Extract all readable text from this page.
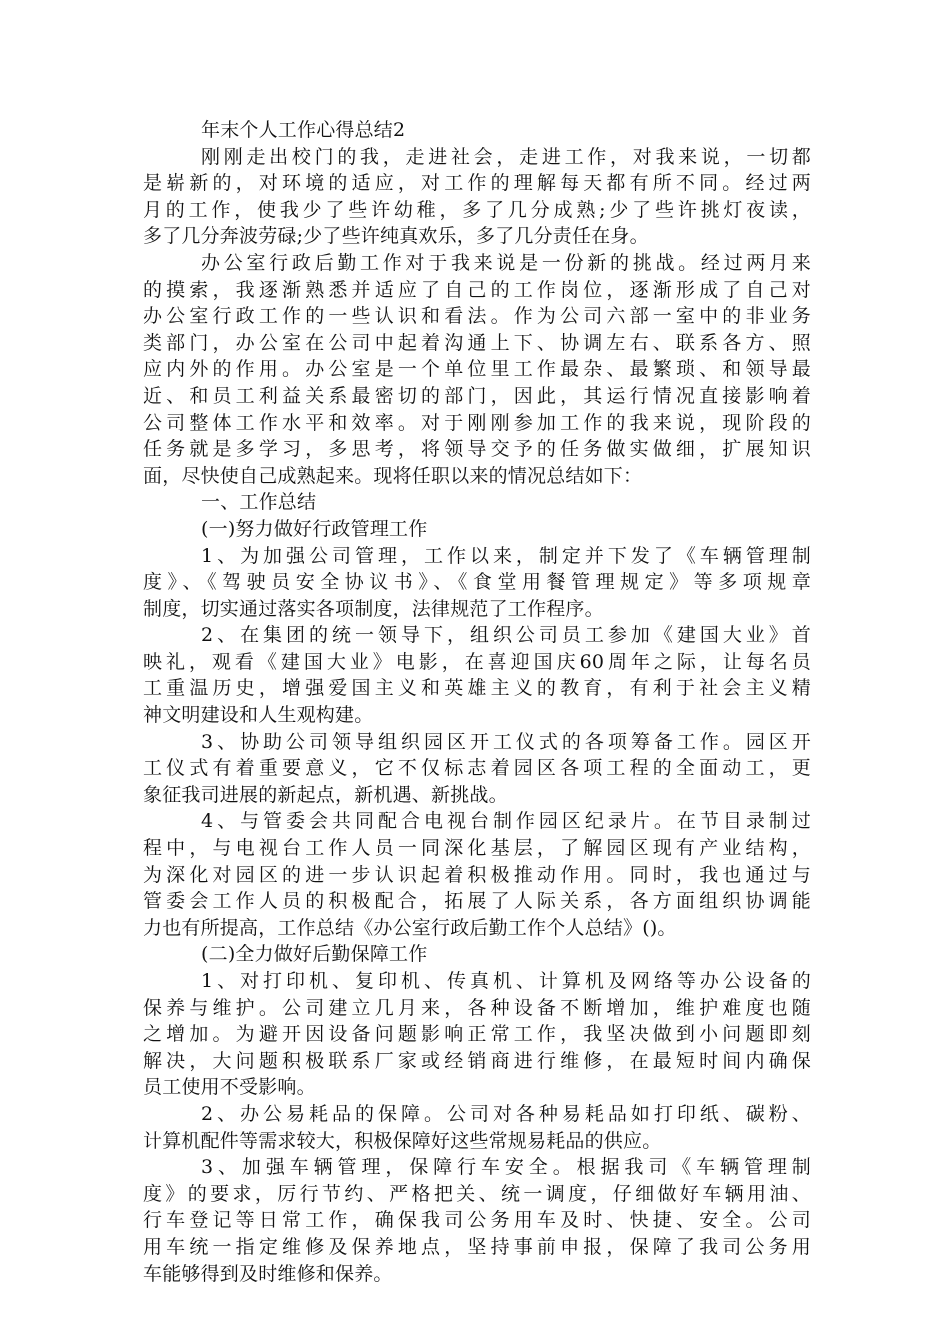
年末个人工作心得总结2
刚刚走出校门的我，走进社会，走进工作，对我来说，一切都
是崭新的，对环境的适应，对工作的理解每天都有所不同。经过两
月的工作，使我少了些许幼稚，多了几分成熟;少了些许挑灯夜读，
多了几分奔波劳碌;少了些许纯真欢乐，多了几分责任在身。
办公室行政后勤工作对于我来说是一份新的挑战。经过两月来
的摸索，我逐渐熟悉并适应了自己的工作岗位，逐渐形成了自己对
办公室行政工作的一些认识和看法。作为公司六部一室中的非业务
类部门，办公室在公司中起着沟通上下、协调左右、联系各方、照
应内外的作用。办公室是一个单位里工作最杂、最繁琐、和领导最
近、和员工利益关系最密切的部门，因此，其运行情况直接影响着
公司整体工作水平和效率。对于刚刚参加工作的我来说，现阶段的
任务就是多学习，多思考，将领导交予的任务做实做细，扩展知识
面，尽快使自己成熟起来。现将任职以来的情况总结如下：
一、工作总结
(一)努力做好行政管理工作
1、为加强公司管理，工作以来，制定并下发了《车辆管理制
度》、《驾驶员安全协议书》、《食堂用餐管理规定》等多项规章
制度，切实通过落实各项制度，法律规范了工作程序。
2、在集团的统一领导下，组织公司员工参加《建国大业》首
映礼，观看《建国大业》电影，在喜迎国庆60周年之际，让每名员
工重温历史，增强爱国主义和英雄主义的教育，有利于社会主义精
神文明建设和人生观构建。
3、协助公司领导组织园区开工仪式的各项筹备工作。园区开
工仪式有着重要意义，它不仅标志着园区各项工程的全面动工，更
象征我司进展的新起点，新机遇、新挑战。
4、与管委会共同配合电视台制作园区纪录片。在节目录制过
程中，与电视台工作人员一同深化基层，了解园区现有产业结构，
为深化对园区的进一步认识起着积极推动作用。同时，我也通过与
管委会工作人员的积极配合，拓展了人际关系，各方面组织协调能
力也有所提高，工作总结《办公室行政后勤工作个人总结》()。
(二)全力做好后勤保障工作
1、对打印机、复印机、传真机、计算机及网络等办公设备的
保养与维护。公司建立几月来，各种设备不断增加，维护难度也随
之增加。为避开因设备问题影响正常工作，我坚决做到小问题即刻
解决，大问题积极联系厂家或经销商进行维修，在最短时间内确保
员工使用不受影响。
2、办公易耗品的保障。公司对各种易耗品如打印纸、碳粉、
计算机配件等需求较大，积极保障好这些常规易耗品的供应。
3、加强车辆管理，保障行车安全。根据我司《车辆管理制
度》的要求，厉行节约、严格把关、统一调度，仔细做好车辆用油、
行车登记等日常工作，确保我司公务用车及时、快捷、安全。公司
用车统一指定维修及保养地点，坚持事前申报，保障了我司公务用
车能够得到及时维修和保养。
